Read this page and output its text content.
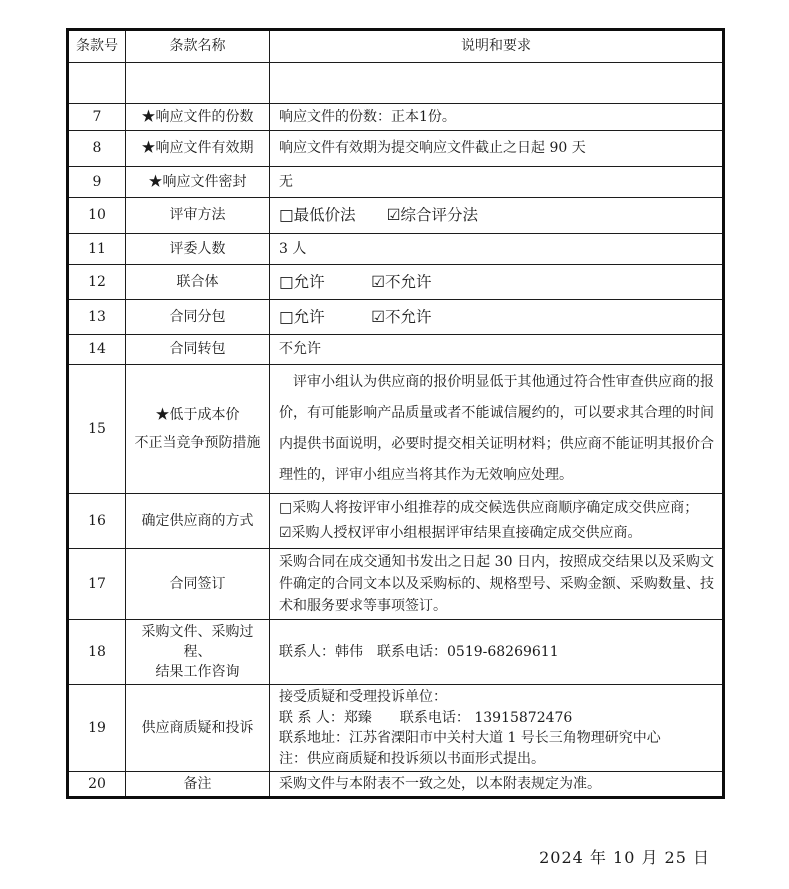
条款号	条款名称	说明和要求

7	★响应文件的份数	响应文件的份数：正本1份。
8	★响应文件有效期	响应文件有效期为提交响应文件截止之日起 90 天
9	★响应文件密封	无
10	评审方法	□最低价法　　☑综合评分法
11	评委人数	3 人
12	联合体	□允许　　　☑不允许
13	合同分包	□允许　　　☑不允许
14	合同转包	不允许
15	★低于成本价
不正当竞争预防措施	评审小组认为供应商的报价明显低于其他通过符合性审查供应商的报价，有可能影响产品质量或者不能诚信履约的，可以要求其合理的时间内提供书面说明，必要时提交相关证明材料；供应商不能证明其报价合理性的，评审小组应当将其作为无效响应处理。
16	确定供应商的方式	□采购人将按评审小组推荐的成交候选供应商顺序确定成交供应商；
☑采购人授权评审小组根据评审结果直接确定成交供应商。
17	合同签订	采购合同在成交通知书发出之日起 30 日内，按照成交结果以及采购文件确定的合同文本以及采购标的、规格型号、采购金额、采购数量、技术和服务要求等事项签订。
18	采购文件、采购过程、
结果工作咨询	联系人：韩伟　联系电话：0519-68269611
19	供应商质疑和投诉	接受质疑和受理投诉单位：
联 系 人：郑臻　　联系电话： 13915872476
联系地址：江苏省溧阳市中关村大道 1 号长三角物理研究中心
注：供应商质疑和投诉须以书面形式提出。
20	备注	采购文件与本附表不一致之处，以本附表规定为准。
2024 年 10 月 25 日
